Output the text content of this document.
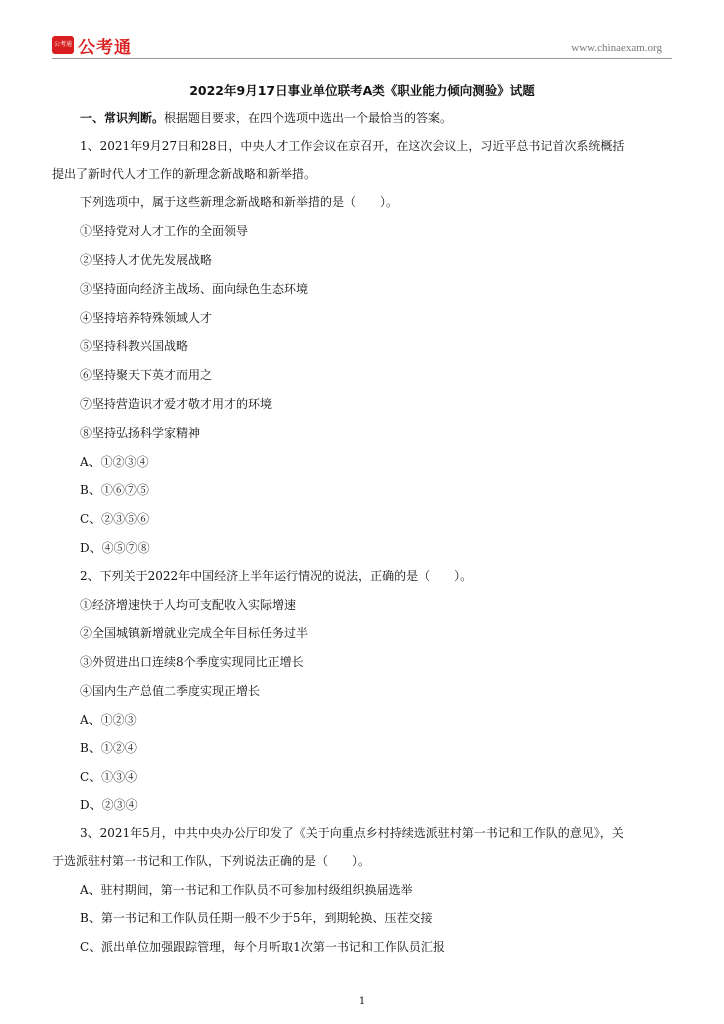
公考通 公考通	www.chinaexam.org
2022年9月17日事业单位联考A类《职业能力倾向测验》试题
一、常识判断。根据题目要求，在四个选项中选出一个最恰当的答案。
1、2021年9月27日和28日，中央人才工作会议在京召开，在这次会议上，习近平总书记首次系统概括
提出了新时代人才工作的新理念新战略和新举措。
下列选项中，属于这些新理念新战略和新举措的是（　　）。
①坚持党对人才工作的全面领导
②坚持人才优先发展战略
③坚持面向经济主战场、面向绿色生态环境
④坚持培养特殊领域人才
⑤坚持科教兴国战略
⑥坚持聚天下英才而用之
⑦坚持营造识才爱才敬才用才的环境
⑧坚持弘扬科学家精神
A、①②③④
B、①⑥⑦⑤
C、②③⑤⑥
D、④⑤⑦⑧
2、下列关于2022年中国经济上半年运行情况的说法，正确的是（　　）。
①经济增速快于人均可支配收入实际增速
②全国城镇新增就业完成全年目标任务过半
③外贸进出口连续8个季度实现同比正增长
④国内生产总值二季度实现正增长
A、①②③
B、①②④
C、①③④
D、②③④
3、2021年5月，中共中央办公厅印发了《关于向重点乡村持续选派驻村第一书记和工作队的意见》，关
于选派驻村第一书记和工作队，下列说法正确的是（　　）。
A、驻村期间，第一书记和工作队员不可参加村级组织换届选举
B、第一书记和工作队员任期一般不少于5年，到期轮换、压茬交接
C、派出单位加强跟踪管理，每个月听取1次第一书记和工作队员汇报
1
